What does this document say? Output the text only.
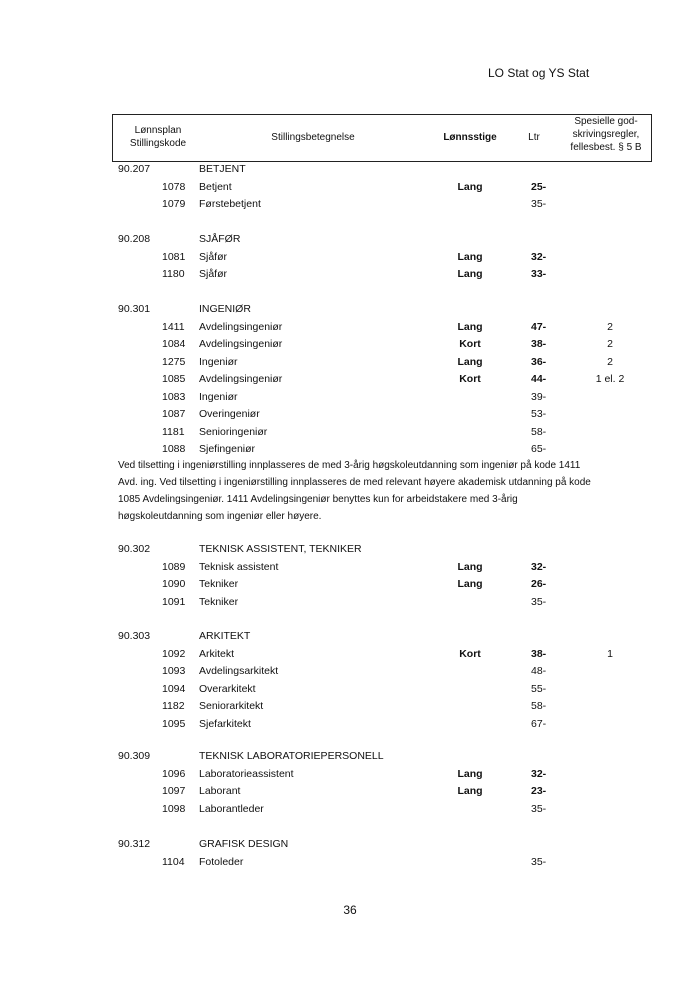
LO Stat og YS Stat
Lønnsplan
Stillingskode
Stillingsbetegnelse	Lønnsstige	Ltr
Spesielle god-
skrivingsregler,
fellesbest. § 5 B
90.207	BETJENT
1078 Betjent	Lang	25-
1079 Førstebetjent	35-
90.208	SJÅFØR
1081 Sjåfør	Lang	32-
1180 Sjåfør	Lang	33-
90.301	INGENIØR
1411 Avdelingsingeniør	Lang	47-	2
1084 Avdelingsingeniør	Kort	38-	2
1275 Ingeniør	Lang	36-	2
1085 Avdelingsingeniør	Kort	44-	1 el. 2
1083 Ingeniør	39-
1087 Overingeniør	53-
1181 Senioringeniør	58-
1088 Sjefingeniør	65-
90.302	TEKNISK ASSISTENT, TEKNIKER
1089 Teknisk assistent	Lang	32-
1090 Tekniker	Lang	26-
1091 Tekniker	35-
90.303	ARKITEKT
1092 Arkitekt	Kort	38-	1
1093 Avdelingsarkitekt	48-
1094 Overarkitekt	55-
1182 Seniorarkitekt	58-
1095 Sjefarkitekt	67-
90.309	TEKNISK LABORATORIEPERSONELL
1096 Laboratorieassistent	Lang	32-
1097 Laborant	Lang	23-
1098 Laborantleder	35-
90.312	GRAFISK DESIGN
1104 Fotoleder	35-
Ved tilsetting i ingeniørstilling innplasseres de med 3-årig høgskoleutdanning som ingeniør på kode 1411
Avd. ing. Ved tilsetting i ingeniørstilling innplasseres de med relevant høyere akademisk utdanning på kode
1085 Avdelingsingeniør. 1411 Avdelingsingeniør benyttes kun for arbeidstakere med 3-årig
høgskoleutdanning som ingeniør eller høyere.
36
